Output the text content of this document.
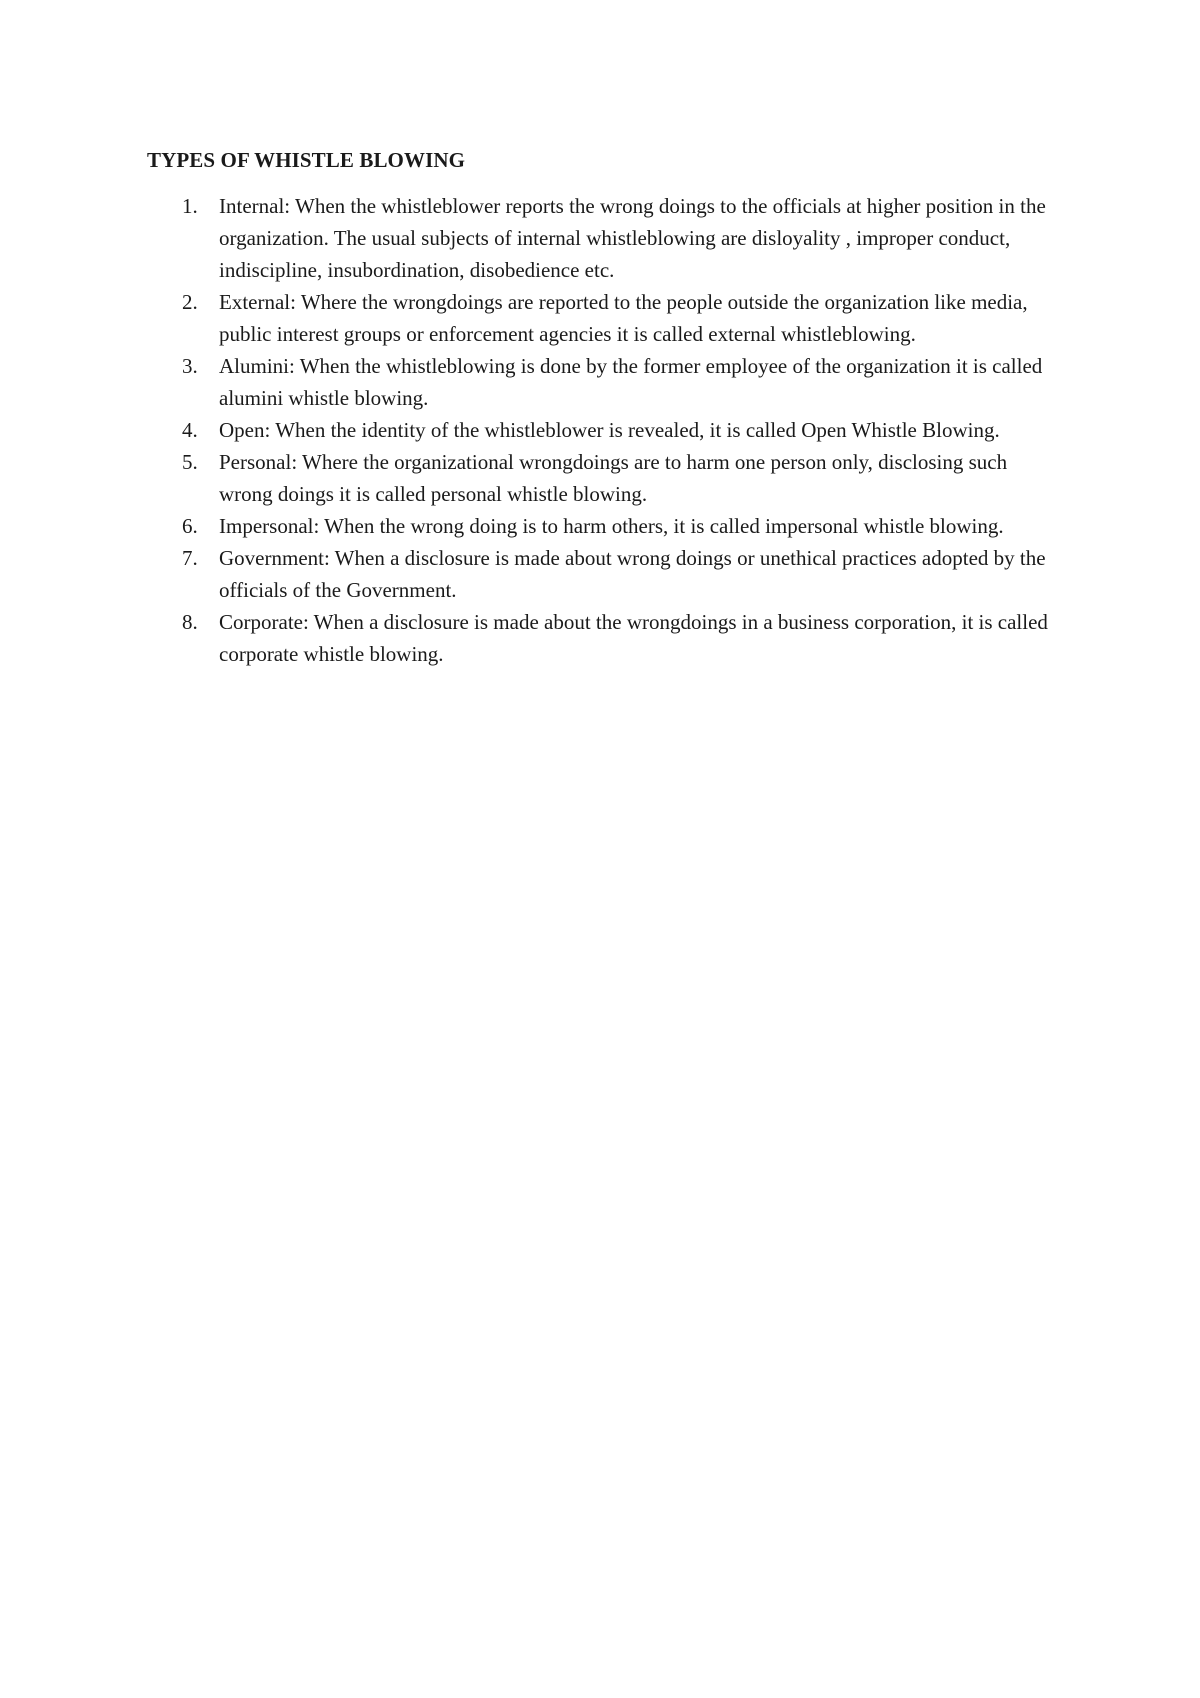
TYPES OF WHISTLE BLOWING
1. Internal: When the whistleblower reports the wrong doings to the officials at higher position in the organization. The usual subjects of internal whistleblowing are disloyality , improper conduct, indiscipline, insubordination, disobedience etc.
2. External: Where the wrongdoings are reported to the people outside the organization like media, public interest groups or enforcement agencies it is called external whistleblowing.
3. Alumini: When the whistleblowing is done by the former employee of the organization it is called alumini whistle blowing.
4. Open: When the identity of the whistleblower is revealed, it is called Open Whistle Blowing.
5. Personal: Where the organizational wrongdoings are to harm one person only, disclosing such wrong doings it is called personal whistle blowing.
6. Impersonal: When the wrong doing is to harm others, it is called impersonal whistle blowing.
7. Government: When a disclosure is made about wrong doings or unethical practices adopted by the officials of the Government.
8. Corporate: When a disclosure is made about the wrongdoings in a business corporation, it is called corporate whistle blowing.
